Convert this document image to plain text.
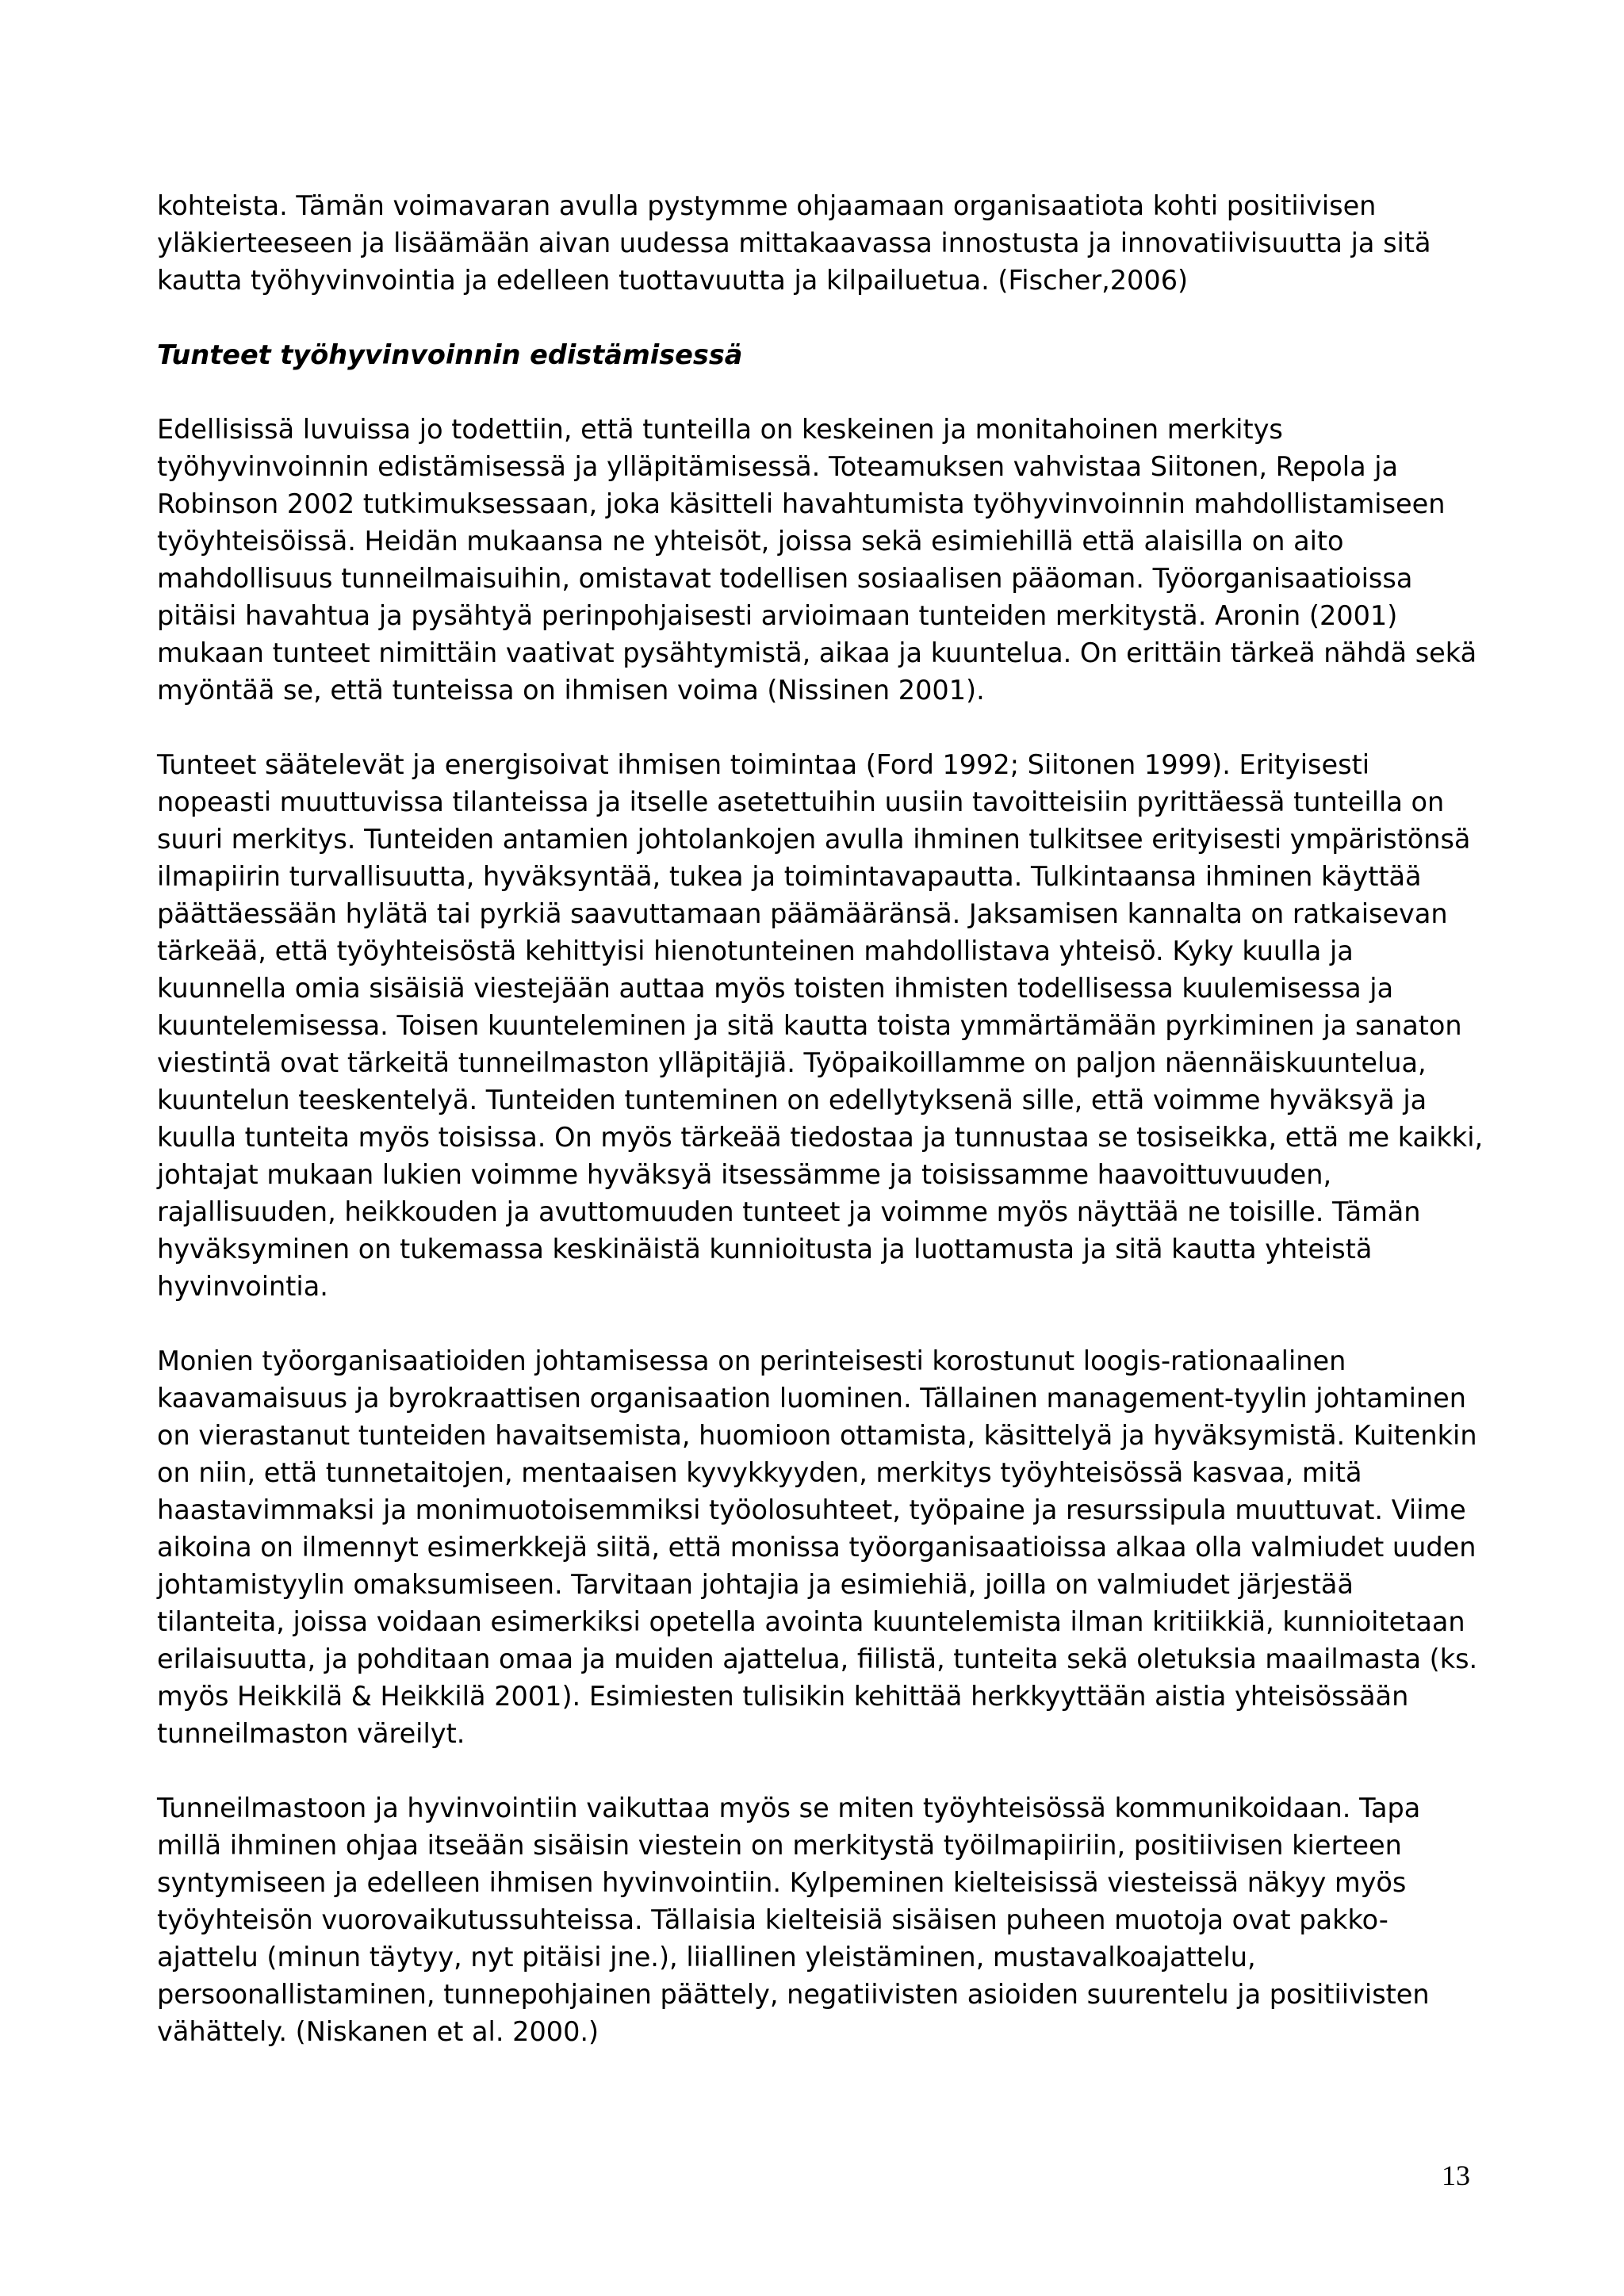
kohteista. Tämän voimavaran avulla pystymme ohjaamaan organisaatiota kohti positiivisen yläkierteeseen ja lisäämään aivan uudessa mittakaavassa innostusta ja innovatiivisuutta ja sitä kautta työhyvinvointia ja edelleen tuottavuutta ja kilpailuetua. (Fischer,2006)

Tunteet työhyvinvoinnin edistämisessä

Edellisissä luvuissa jo todettiin, että tunteilla on keskeinen ja monitahoinen merkitys työhyvinvoinnin edistämisessä ja ylläpitämisessä. Toteamuksen vahvistaa Siitonen, Repola ja Robinson 2002 tutkimuksessaan, joka käsitteli havahtumista työhyvinvoinnin mahdollistamiseen työyhteisöissä. Heidän mukaansa ne yhteisöt, joissa sekä esimiehillä että alaisilla on aito mahdollisuus tunneilmaisuihin, omistavat todellisen sosiaalisen pääoman. Työorganisaatioissa pitäisi havahtua ja pysähtyä perinpohjaisesti arvioimaan tunteiden merkitystä. Aronin (2001) mukaan tunteet nimittäin vaativat pysähtymistä, aikaa ja kuuntelua. On erittäin tärkeä nähdä sekä myöntää se, että tunteissa on ihmisen voima (Nissinen 2001).

Tunteet säätelevät ja energisoivat ihmisen toimintaa (Ford 1992; Siitonen 1999). Erityisesti nopeasti muuttuvissa tilanteissa ja itselle asetettuihin uusiin tavoitteisiin pyrittäessä tunteilla on suuri merkitys. Tunteiden antamien johtolankojen avulla ihminen tulkitsee erityisesti ympäristönsä ilmapiirin turvallisuutta, hyväksyntää, tukea ja toimintavapautta. Tulkintaansa ihminen käyttää päättäessään hylätä tai pyrkiä saavuttamaan päämääränsä. Jaksamisen kannalta on ratkaisevan tärkeää, että työyhteisöstä kehittyisi hienotunteinen mahdollistava yhteisö. Kyky kuulla ja kuunnella omia sisäisiä viestejään auttaa myös toisten ihmisten todellisessa kuulemisessa ja kuuntelemisessa. Toisen kuunteleminen ja sitä kautta toista ymmärtämään pyrkiminen ja sanaton viestintä ovat tärkeitä tunneilmaston ylläpitäjiä. Työpaikoillamme on paljon näennäiskuuntelua, kuuntelun teeskentelyä. Tunteiden tunteminen on edellytyksenä sille, että voimme hyväksyä ja kuulla tunteita myös toisissa. On myös tärkeää tiedostaa ja tunnustaa se tosiseikka, että me kaikki, johtajat mukaan lukien voimme hyväksyä itsessämme ja toisissamme haavoittuvuuden, rajallisuuden, heikkouden ja avuttomuuden tunteet ja voimme myös näyttää ne toisille. Tämän hyväksyminen on tukemassa keskinäistä kunnioitusta ja luottamusta ja sitä kautta yhteistä hyvinvointia.

Monien työorganisaatioiden johtamisessa on perinteisesti korostunut loogis-rationaalinen kaavamaisuus ja byrokraattisen organisaation luominen. Tällainen management-tyylin johtaminen on vierastanut tunteiden havaitsemista, huomioon ottamista, käsittelyä ja hyväksymistä. Kuitenkin on niin, että tunnetaitojen, mentaaisen kyvykkyyden, merkitys työyhteisössä kasvaa, mitä haastavimmaksi ja monimuotoisemmiksi työolosuhteet, työpaine ja resurssipula muuttuvat. Viime aikoina on ilmennyt esimerkkejä siitä, että monissa työorganisaatioissa alkaa olla valmiudet uuden johtamistyylin omaksumiseen. Tarvitaan johtajia ja esimiehiä, joilla on valmiudet järjestää tilanteita, joissa voidaan esimerkiksi opetella avointa kuuntelemista ilman kritiikkiä, kunnioitetaan erilaisuutta, ja pohditaan omaa ja muiden ajattelua, fiilistä, tunteita sekä oletuksia maailmasta (ks. myös Heikkilä & Heikkilä 2001). Esimiesten tulisikin kehittää herkkyyttään aistia yhteisössään tunneilmaston väreilyt.

Tunneilmastoon ja hyvinvointiin vaikuttaa myös se miten työyhteisössä kommunikoidaan. Tapa millä ihminen ohjaa itseään sisäisin viestein on merkitystä työilmapiiriin, positiivisen kierteen syntymiseen ja edelleen ihmisen hyvinvointiin. Kylpeminen kielteisissä viesteissä näkyy myös työyhteisön vuorovaikutussuhteissa. Tällaisia kielteisiä sisäisen puheen muotoja ovat pakko-ajattelu (minun täytyy, nyt pitäisi jne.), liiallinen yleistäminen, mustavalkoajattelu, persoonallistaminen, tunnepohjainen päättely, negatiivisten asioiden suurentelu ja positiivisten vähättely. (Niskanen et al. 2000.)

13
